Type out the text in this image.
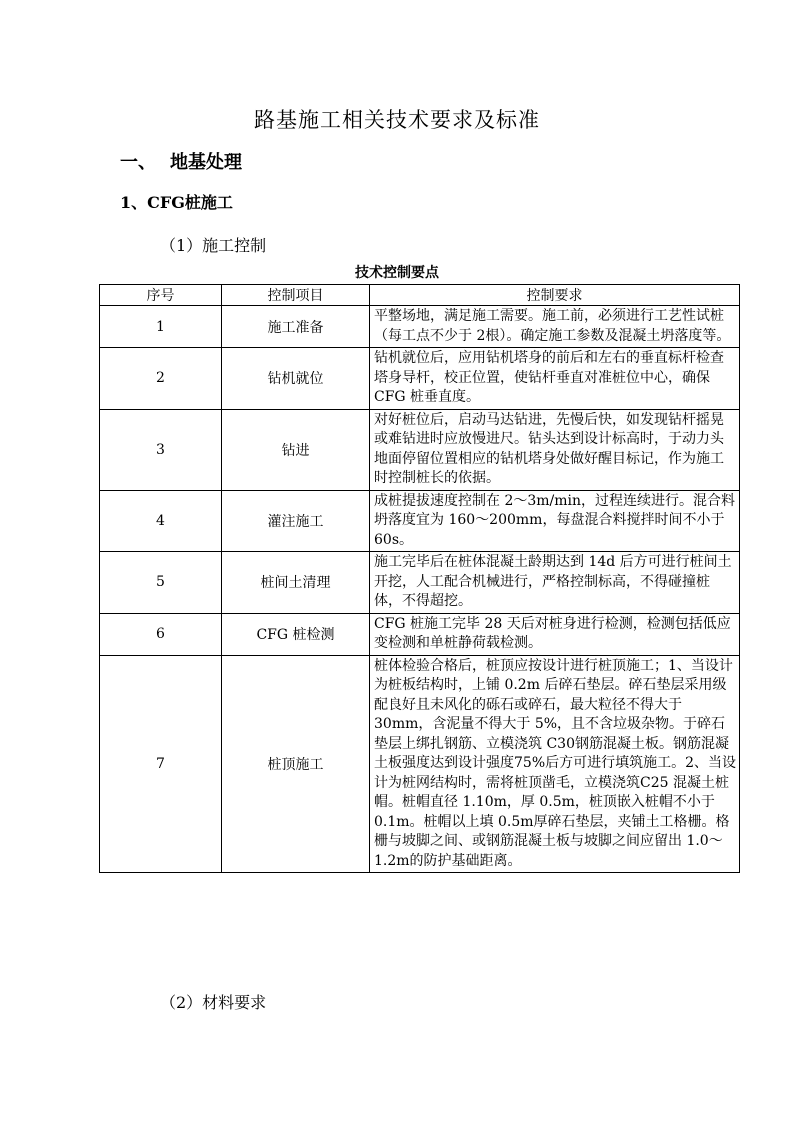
路基施工相关技术要求及标准
一、 地基处理
1、CFG桩施工
（1）施工控制
技术控制要点
序号	控制项目	控制要求
1	施工准备	平整场地，满足施工需要。施工前，必须进行工艺性试桩（每工点不少于 2根）。确定施工参数及混凝土坍落度等。
2	钻机就位	钻机就位后，应用钻机塔身的前后和左右的垂直标杆检查塔身导杆，校正位置，使钻杆垂直对准桩位中心，确保 CFG 桩垂直度。
3	钻进	对好桩位后，启动马达钻进，先慢后快，如发现钻杆摇晃或难钻进时应放慢进尺。钻头达到设计标高时，于动力头地面停留位置相应的钻机塔身处做好醒目标记，作为施工时控制桩长的依据。
4	灌注施工	成桩提拔速度控制在 2～3m/min，过程连续进行。混合料坍落度宜为 160～200mm，每盘混合料搅拌时间不小于 60s。
5	桩间土清理	施工完毕后在桩体混凝土龄期达到 14d 后方可进行桩间土开挖，人工配合机械进行，严格控制标高，不得碰撞桩体，不得超挖。
6	CFG 桩检测	CFG 桩施工完毕 28 天后对桩身进行检测，检测包括低应变检测和单桩静荷载检测。
7	桩顶施工	桩体检验合格后，桩顶应按设计进行桩顶施工；1、当设计为桩板结构时，上铺 0.2m 后碎石垫层。碎石垫层采用级配良好且未风化的砾石或碎石，最大粒径不得大于 30mm，含泥量不得大于 5%，且不含垃圾杂物。于碎石垫层上绑扎钢筋、立模浇筑 C30钢筋混凝土板。钢筋混凝土板强度达到设计强度75%后方可进行填筑施工。2、当设计为桩网结构时，需将桩顶凿毛，立模浇筑C25 混凝土桩帽。桩帽直径 1.10m，厚 0.5m，桩顶嵌入桩帽不小于 0.1m。桩帽以上填 0.5m厚碎石垫层，夹铺土工格栅。格栅与坡脚之间、或钢筋混凝土板与坡脚之间应留出 1.0～1.2m的防护基础距离。
（2）材料要求
